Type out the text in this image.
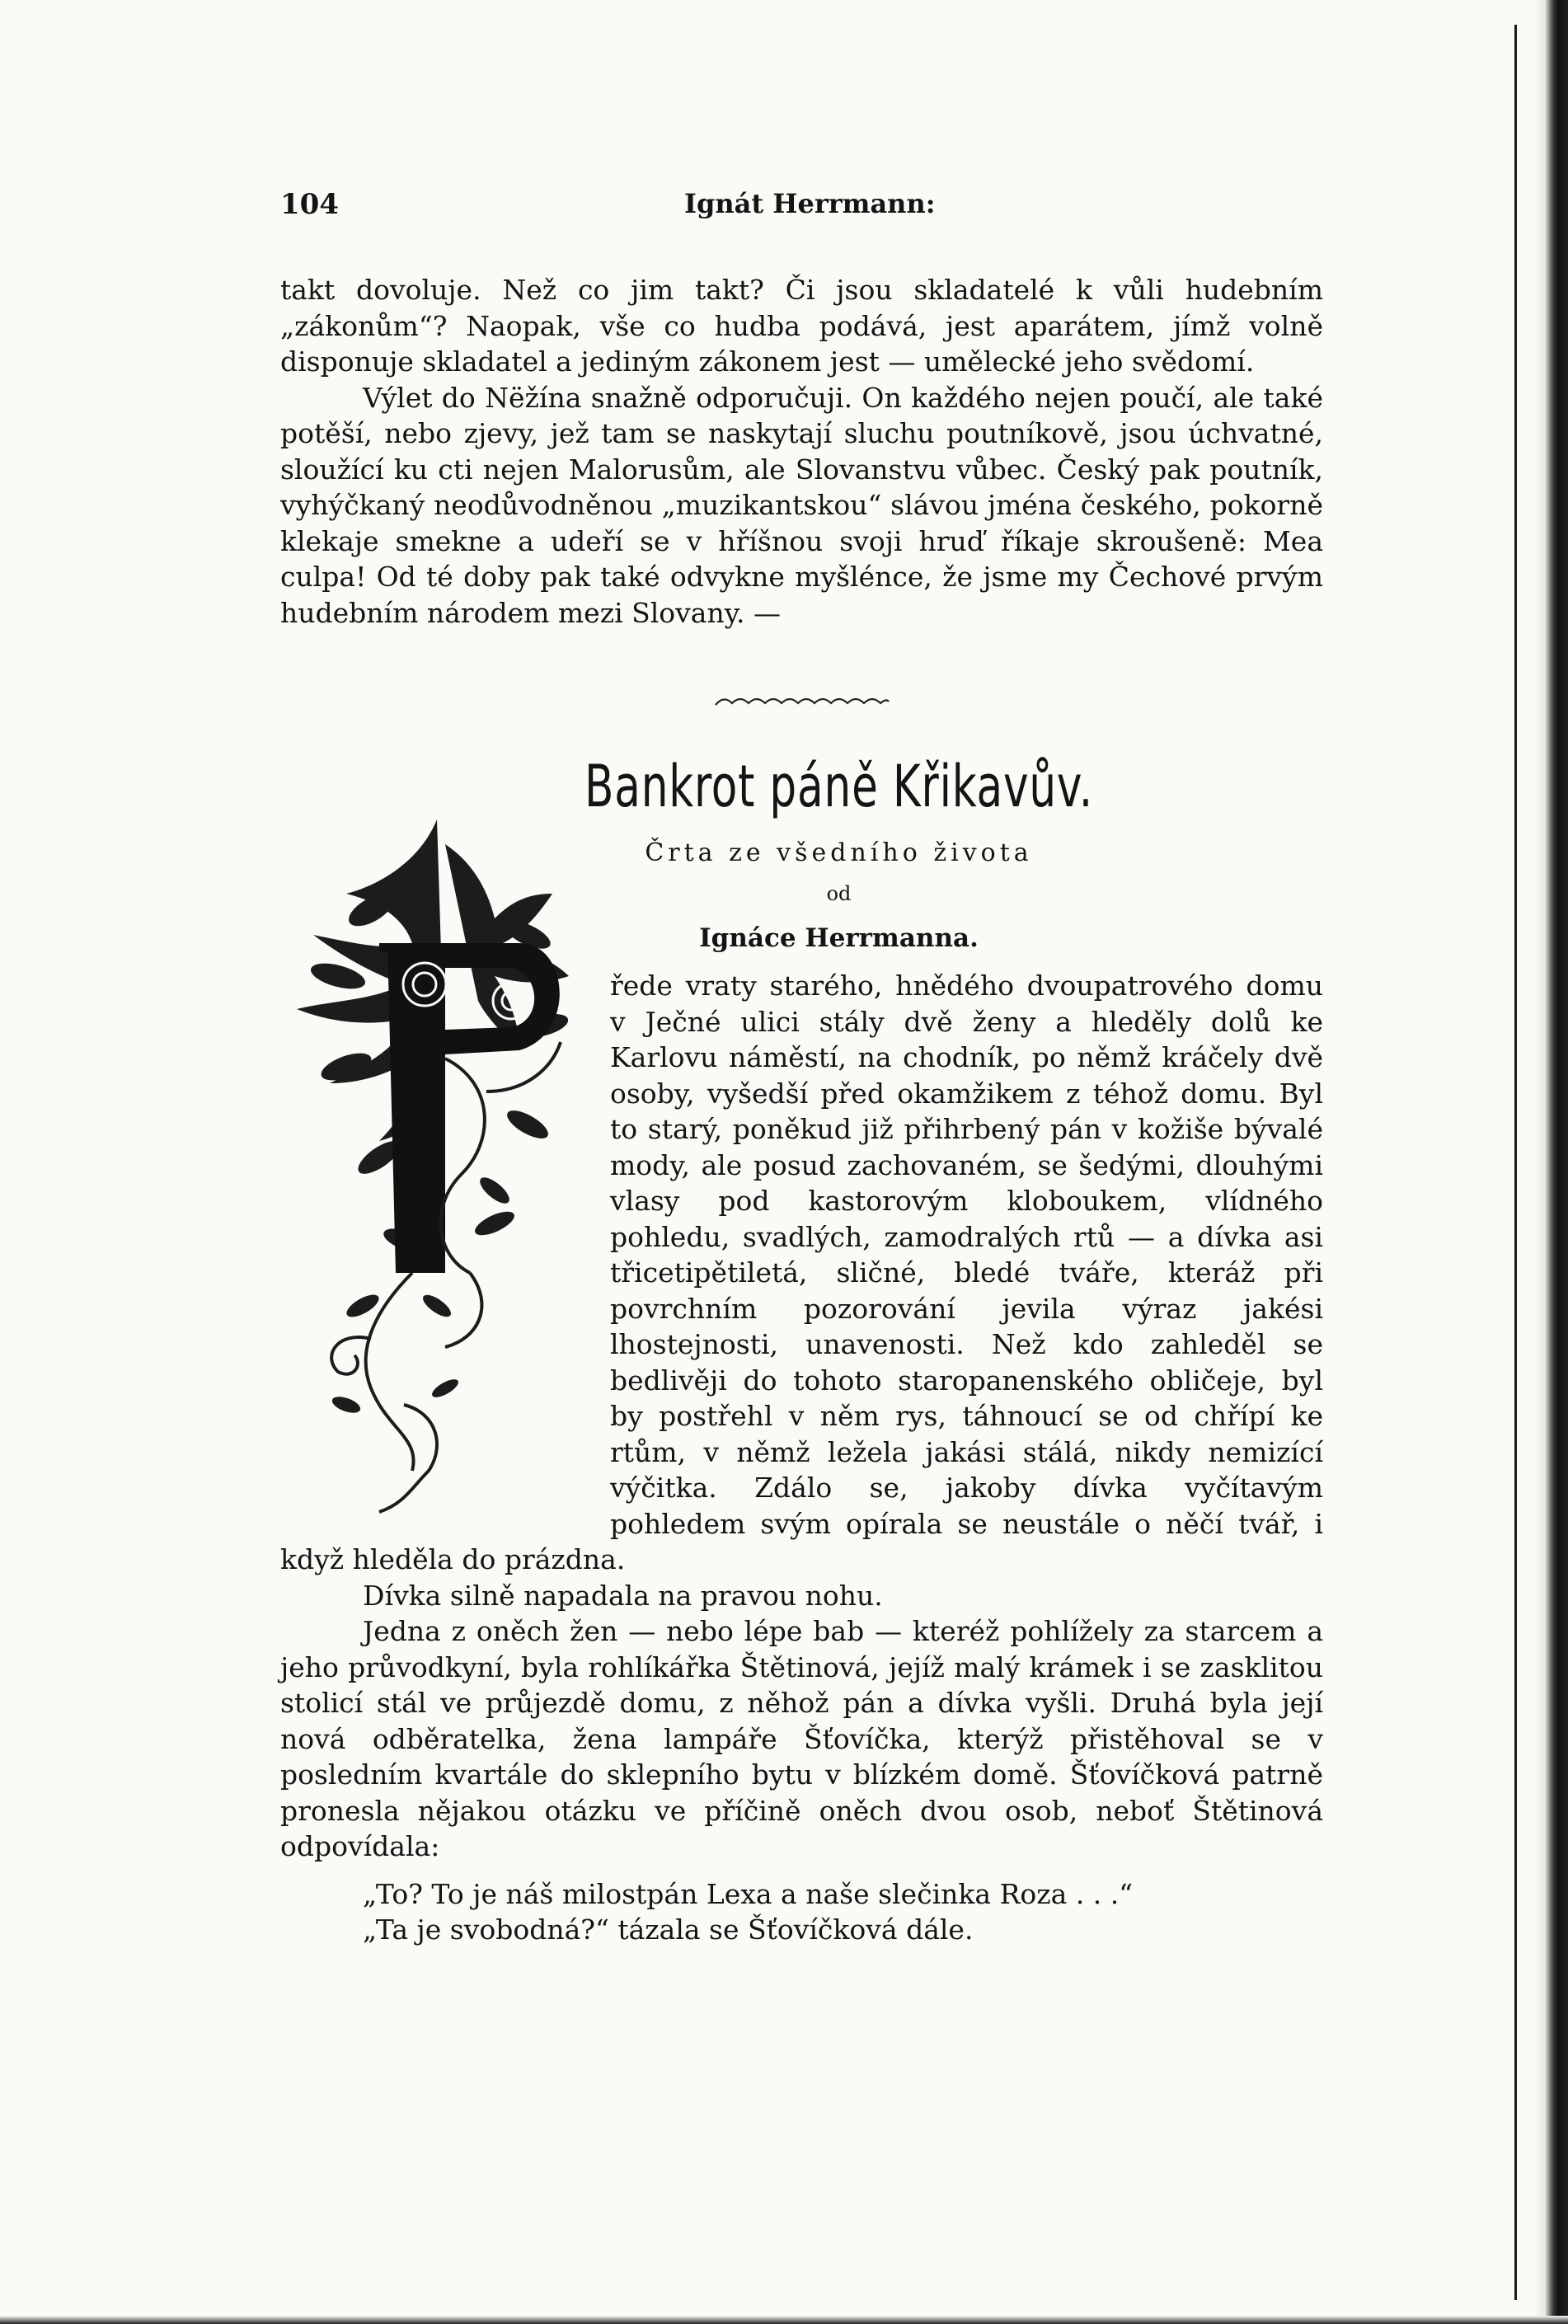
104	Ignát Herrmann:

takt dovoluje. Než co jim takt? Či jsou skladatelé k vůli hudebním „zákonům“? Naopak, vše co hudba podává, jest aparátem, jímž volně disponuje skladatel a jediným zákonem jest — umělecké jeho svědomí.

Výlet do Nëžína snažně odporučuji. On každého nejen poučí, ale také potěší, nebo zjevy, jež tam se naskytají sluchu poutníkově, jsou úchvatné, sloužící ku cti nejen Malorusům, ale Slovanstvu vůbec. Český pak poutník, vyhýčkaný neodůvodněnou „muzikantskou“ slávou jména českého, pokorně klekaje smekne a udeří se v hříšnou svoji hruď říkaje skroušeně: Mea culpa! Od té doby pak také odvykne myšlénce, že jsme my Čechové prvým hudebním národem mezi Slovany. —

Bankrot páně Křikavův.
Črta ze všedního života
od
Ignáce Herrmanna.

řede vraty starého, hnědého dvoupatrového domu v Ječné ulici stály dvě ženy a hleděly dolů ke Karlovu náměstí, na chodník, po němž kráčely dvě osoby, vyšedší před okamžikem z téhož domu. Byl to starý, poněkud již přihrbený pán v kožiše bývalé mody, ale posud zachovaném, se šedými, dlouhými vlasy pod kastorovým kloboukem, vlídného pohledu, svadlých, zamodralých rtů — a dívka asi třicetipětiletá, sličné, bledé tváře, kteráž při povrchním pozorování jevila výraz jakési lhostejnosti, unavenosti. Než kdo zahleděl se bedlivěji do tohoto staropanenského obličeje, byl by postřehl v něm rys, táhnoucí se od chřípí ke rtům, v němž ležela jakási stálá, nikdy nemizící výčitka. Zdálo se, jakoby dívka vyčítavým pohledem svým opírala se neustále o něčí tvář, i když hleděla do prázdna.

Dívka silně napadala na pravou nohu.

Jedna z oněch žen — nebo lépe bab — kteréž pohlížely za starcem a jeho průvodkyní, byla rohlíkářka Štětinová, jejíž malý krámek i se zasklitou stolicí stál ve průjezdě domu, z něhož pán a dívka vyšli. Druhá byla její nová odběratelka, žena lampáře Šťovíčka, kterýž přistěhoval se v posledním kvartále do sklepního bytu v blízkém domě. Šťovíčková patrně pronesla nějakou otázku ve příčině oněch dvou osob, neboť Štětinová odpovídala:

„To? To je náš milostpán Lexa a naše slečinka Roza . . .“

„Ta je svobodná?“ tázala se Šťovíčková dále.
